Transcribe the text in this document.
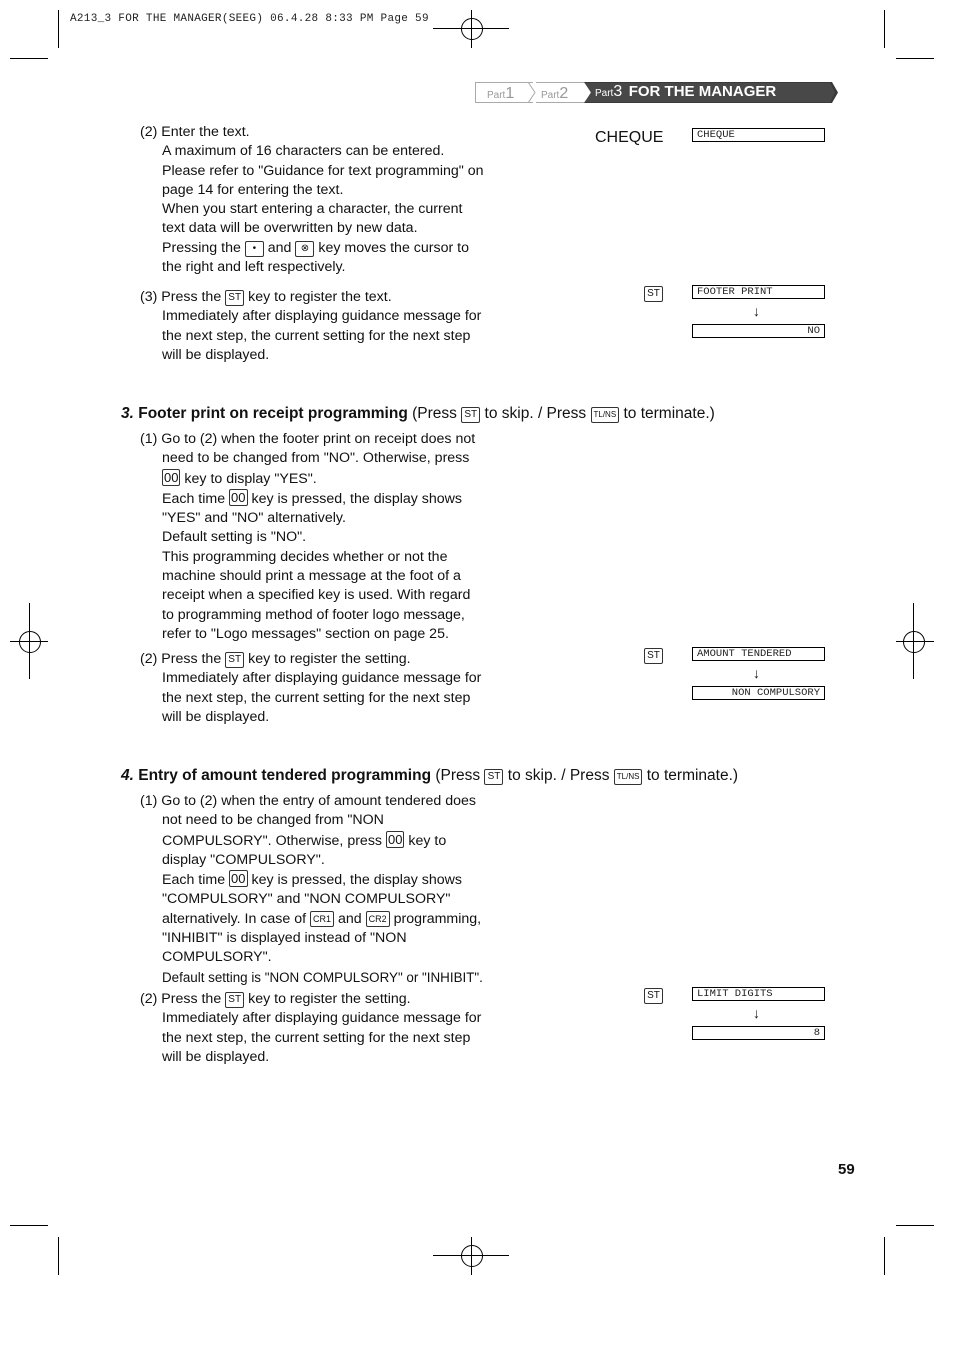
A213_3 FOR THE MANAGER(SEEG) 06.4.28 8:33 PM Page 59
Part1	Part2	Part3 FOR THE MANAGER
(2) Enter the text.
A maximum of 16 characters can be entered.
Please refer to "Guidance for text programming" on
page 14 for entering the text.
When you start entering a character, the current
text data will be overwritten by new data.
Pressing the • and ⊗ key moves the cursor to
the right and left respectively.
(3) Press the ST key to register the text.
Immediately after displaying guidance message for
the next step, the current setting for the next step
will be displayed.
3. Footer print on receipt programming (Press ST to skip. / Press TL/NS to terminate.)
(1) Go to (2) when the footer print on receipt does not
need to be changed from "NO". Otherwise, press
00 key to display "YES".
Each time 00 key is pressed, the display shows
"YES" and "NO" alternatively.
Default setting is "NO".
This programming decides whether or not the
machine should print a message at the foot of a
receipt when a specified key is used. With regard
to programming method of footer logo message,
refer to "Logo messages" section on page 25.
(2) Press the ST key to register the setting.
Immediately after displaying guidance message for
the next step, the current setting for the next step
will be displayed.
4. Entry of amount tendered programming (Press ST to skip. / Press TL/NS to terminate.)
(1) Go to (2) when the entry of amount tendered does
not need to be changed from "NON
COMPULSORY". Otherwise, press 00 key to
display "COMPULSORY".
Each time 00 key is pressed, the display shows
"COMPULSORY" and "NON COMPULSORY"
alternatively. In case of CR1 and CR2 programming,
"INHIBIT" is displayed instead of "NON
COMPULSORY".
Default setting is "NON COMPULSORY" or "INHIBIT".
(2) Press the ST key to register the setting.
Immediately after displaying guidance message for
the next step, the current setting for the next step
will be displayed.
CHEQUE	CHEQUE
ST	FOOTER PRINT
↓
NO
ST	AMOUNT TENDERED
↓
NON COMPULSORY
ST	LIMIT DIGITS
↓
8
59
